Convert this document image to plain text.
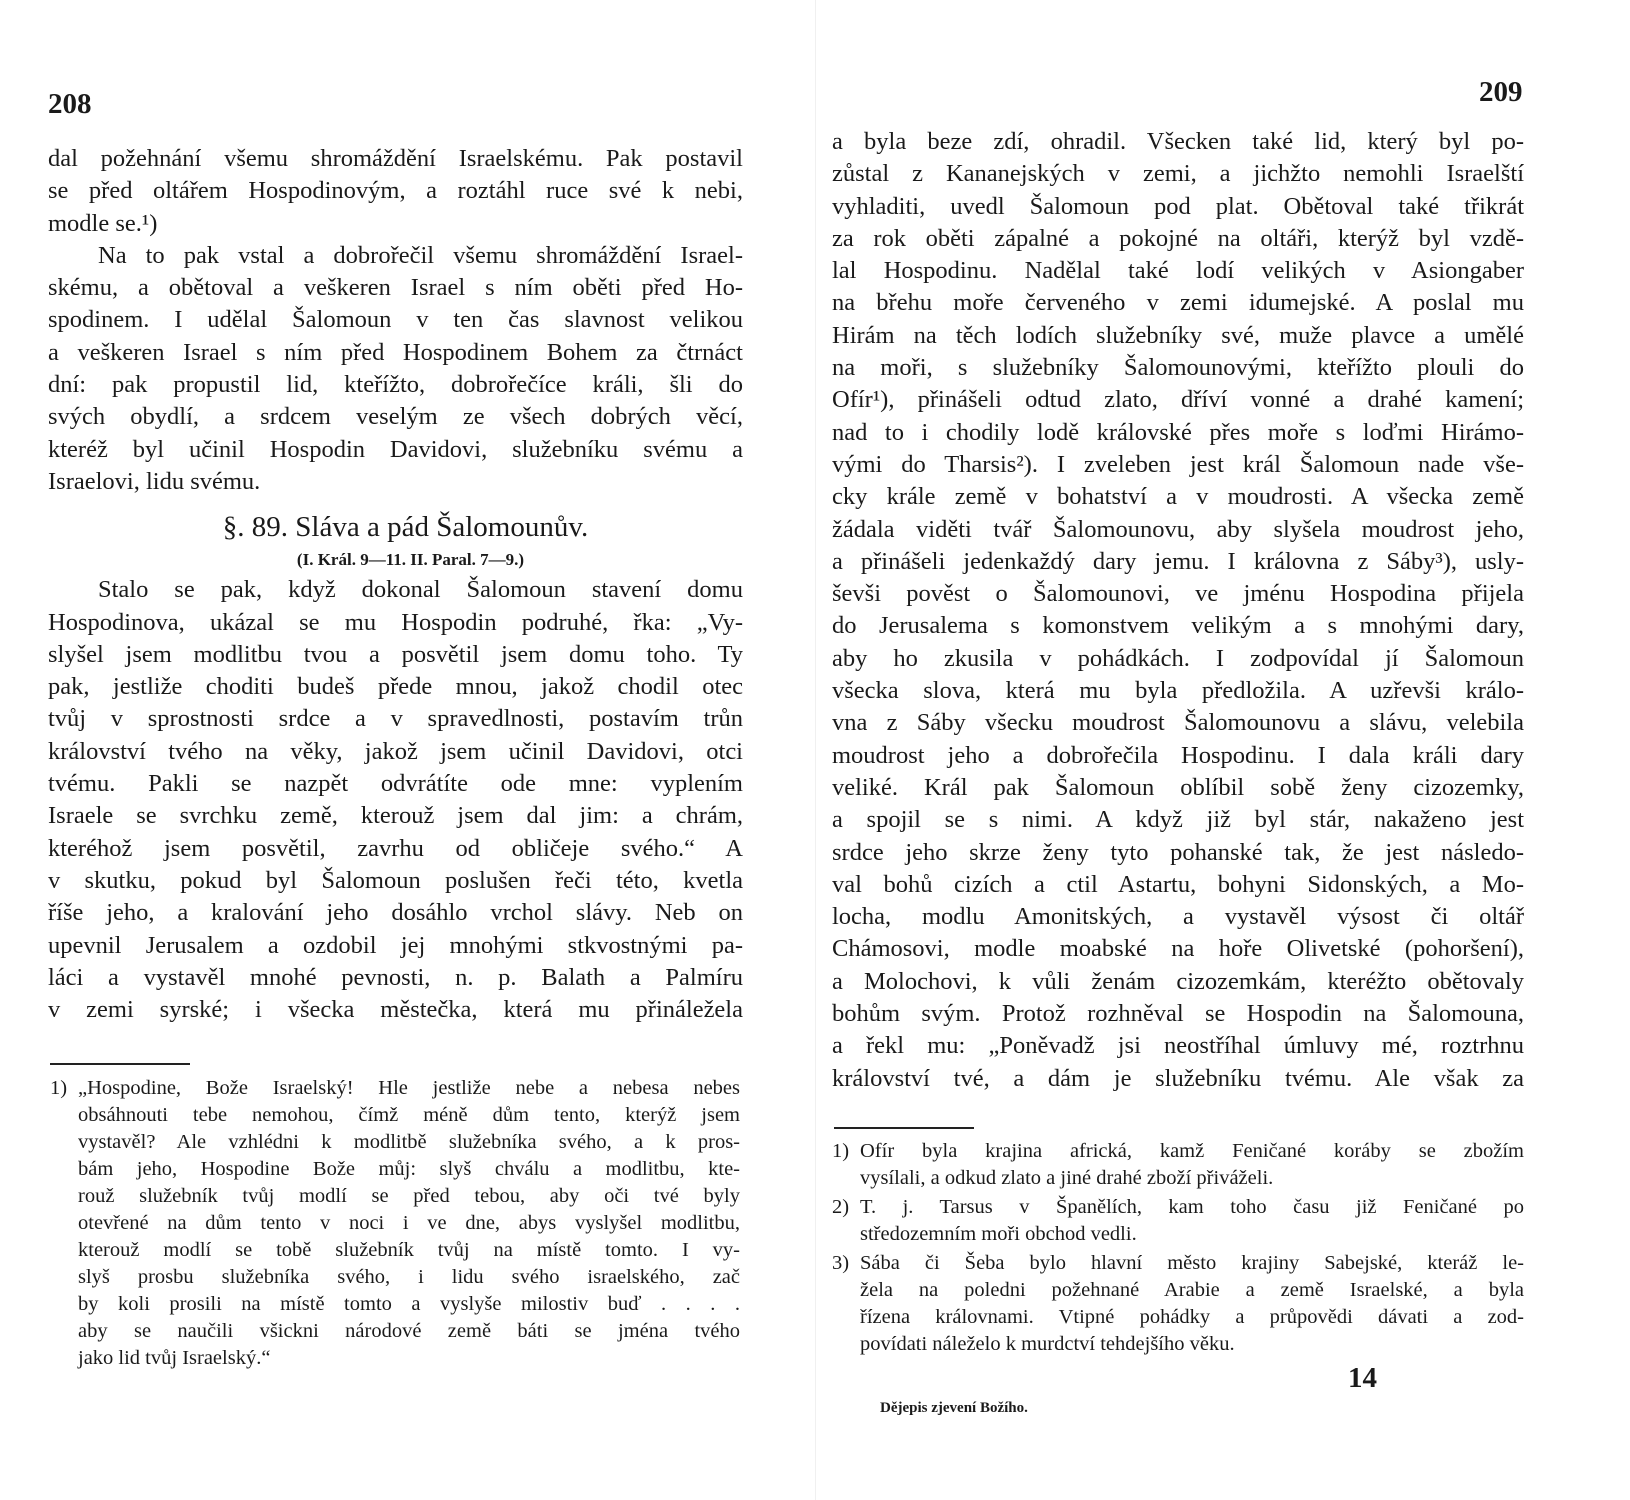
208
dal požehnání všemu shromáždění Israelskému. Pak postavil
se před oltářem Hospodinovým, a roztáhl ruce své k nebi,
modle se.¹)
Na to pak vstal a dobrořečil všemu shromáždění Israel-
skému, a obětoval a veškeren Israel s ním oběti před Ho-
spodinem. I udělal Šalomoun v ten čas slavnost velikou
a veškeren Israel s ním před Hospodinem Bohem za čtrnáct
dní: pak propustil lid, kteřížto, dobrořečíce králi, šli do
svých obydlí, a srdcem veselým ze všech dobrých věcí,
kteréž byl učinil Hospodin Davidovi, služebníku svému a
Israelovi, lidu svému.
§. 89. Sláva a pád Šalomounův.
(I. Král. 9—11. II. Paral. 7—9.)
Stalo se pak, když dokonal Šalomoun stavení domu
Hospodinova, ukázal se mu Hospodin podruhé, řka: „Vy-
slyšel jsem modlitbu tvou a posvětil jsem domu toho. Ty
pak, jestliže choditi budeš přede mnou, jakož chodil otec
tvůj v sprostnosti srdce a v spravedlnosti, postavím trůn
království tvého na věky, jakož jsem učinil Davidovi, otci
tvému. Pakli se nazpět odvrátíte ode mne: vyplením
Israele se svrchku země, kterouž jsem dal jim: a chrám,
kteréhož jsem posvětil, zavrhu od obličeje svého.“ A
v skutku, pokud byl Šalomoun poslušen řeči této, kvetla
říše jeho, a kralování jeho dosáhlo vrchol slávy. Neb on
upevnil Jerusalem a ozdobil jej mnohými stkvostnými pa-
láci a vystavěl mnohé pevnosti, n. p. Balath a Palmíru
v zemi syrské; i všecka městečka, která mu přináležela
1) „Hospodine, Bože Israelský! Hle jestliže nebe a nebesa nebes
obsáhnouti tebe nemohou, čímž méně dům tento, kterýž jsem
vystavěl? Ale vzhlédni k modlitbě služebníka svého, a k pros-
bám jeho, Hospodine Bože můj: slyš chválu a modlitbu, kte-
rouž služebník tvůj modlí se před tebou, aby oči tvé byly
otevřené na dům tento v noci i ve dne, abys vyslyšel modlitbu,
kterouž modlí se tobě služebník tvůj na místě tomto. I vy-
slyš prosbu služebníka svého, i lidu svého israelského, zač
by koli prosili na místě tomto a vyslyše milostiv buď . . . .
aby se naučili všickni národové země báti se jména tvého
jako lid tvůj Israelský.“
209
a byla beze zdí, ohradil. Všecken také lid, který byl po-
zůstal z Kananejských v zemi, a jichžto nemohli Israelští
vyhladiti, uvedl Šalomoun pod plat. Obětoval také třikrát
za rok oběti zápalné a pokojné na oltáři, kterýž byl vzdě-
lal Hospodinu. Nadělal také lodí velikých v Asiongaber
na břehu moře červeného v zemi idumejské. A poslal mu
Hirám na těch lodích služebníky své, muže plavce a umělé
na moři, s služebníky Šalomounovými, kteřížto plouli do
Ofír¹), přinášeli odtud zlato, dříví vonné a drahé kamení;
nad to i chodily lodě královské přes moře s loďmi Hirámo-
vými do Tharsis²). I zveleben jest král Šalomoun nade vše-
cky krále země v bohatství a v moudrosti. A všecka země
žádala viděti tvář Šalomounovu, aby slyšela moudrost jeho,
a přinášeli jedenkaždý dary jemu. I královna z Sáby³), usly-
ševši pověst o Šalomounovi, ve jménu Hospodina přijela
do Jerusalema s komonstvem velikým a s mnohými dary,
aby ho zkusila v pohádkách. I zodpovídal jí Šalomoun
všecka slova, která mu byla předložila. A uzřevši králo-
vna z Sáby všecku moudrost Šalomounovu a slávu, velebila
moudrost jeho a dobrořečila Hospodinu. I dala králi dary
veliké. Král pak Šalomoun oblíbil sobě ženy cizozemky,
a spojil se s nimi. A když již byl stár, nakaženo jest
srdce jeho skrze ženy tyto pohanské tak, že jest následo-
val bohů cizích a ctil Astartu, bohyni Sidonských, a Mo-
locha, modlu Amonitských, a vystavěl výsost či oltář
Chámosovi, modle moabské na hoře Olivetské (pohoršení),
a Molochovi, k vůli ženám cizozemkám, kteréžto obětovaly
bohům svým. Protož rozhněval se Hospodin na Šalomouna,
a řekl mu: „Poněvadž jsi neostříhal úmluvy mé, roztrhnu
království tvé, a dám je služebníku tvému. Ale však za
1) Ofír byla krajina africká, kamž Feničané koráby se zbožím
vysílali, a odkud zlato a jiné drahé zboží přiváželi.
2) T. j. Tarsus v Španělích, kam toho času již Feničané po
středozemním moři obchod vedli.
3) Sába či Šeba bylo hlavní město krajiny Sabejské, kteráž le-
žela na poledni požehnané Arabie a země Israelské, a byla
řízena královnami. Vtipné pohádky a průpovědi dávati a zod-
povídati náleželo k murdctví tehdejšího věku.
Dějepis zjevení Božího.
14
